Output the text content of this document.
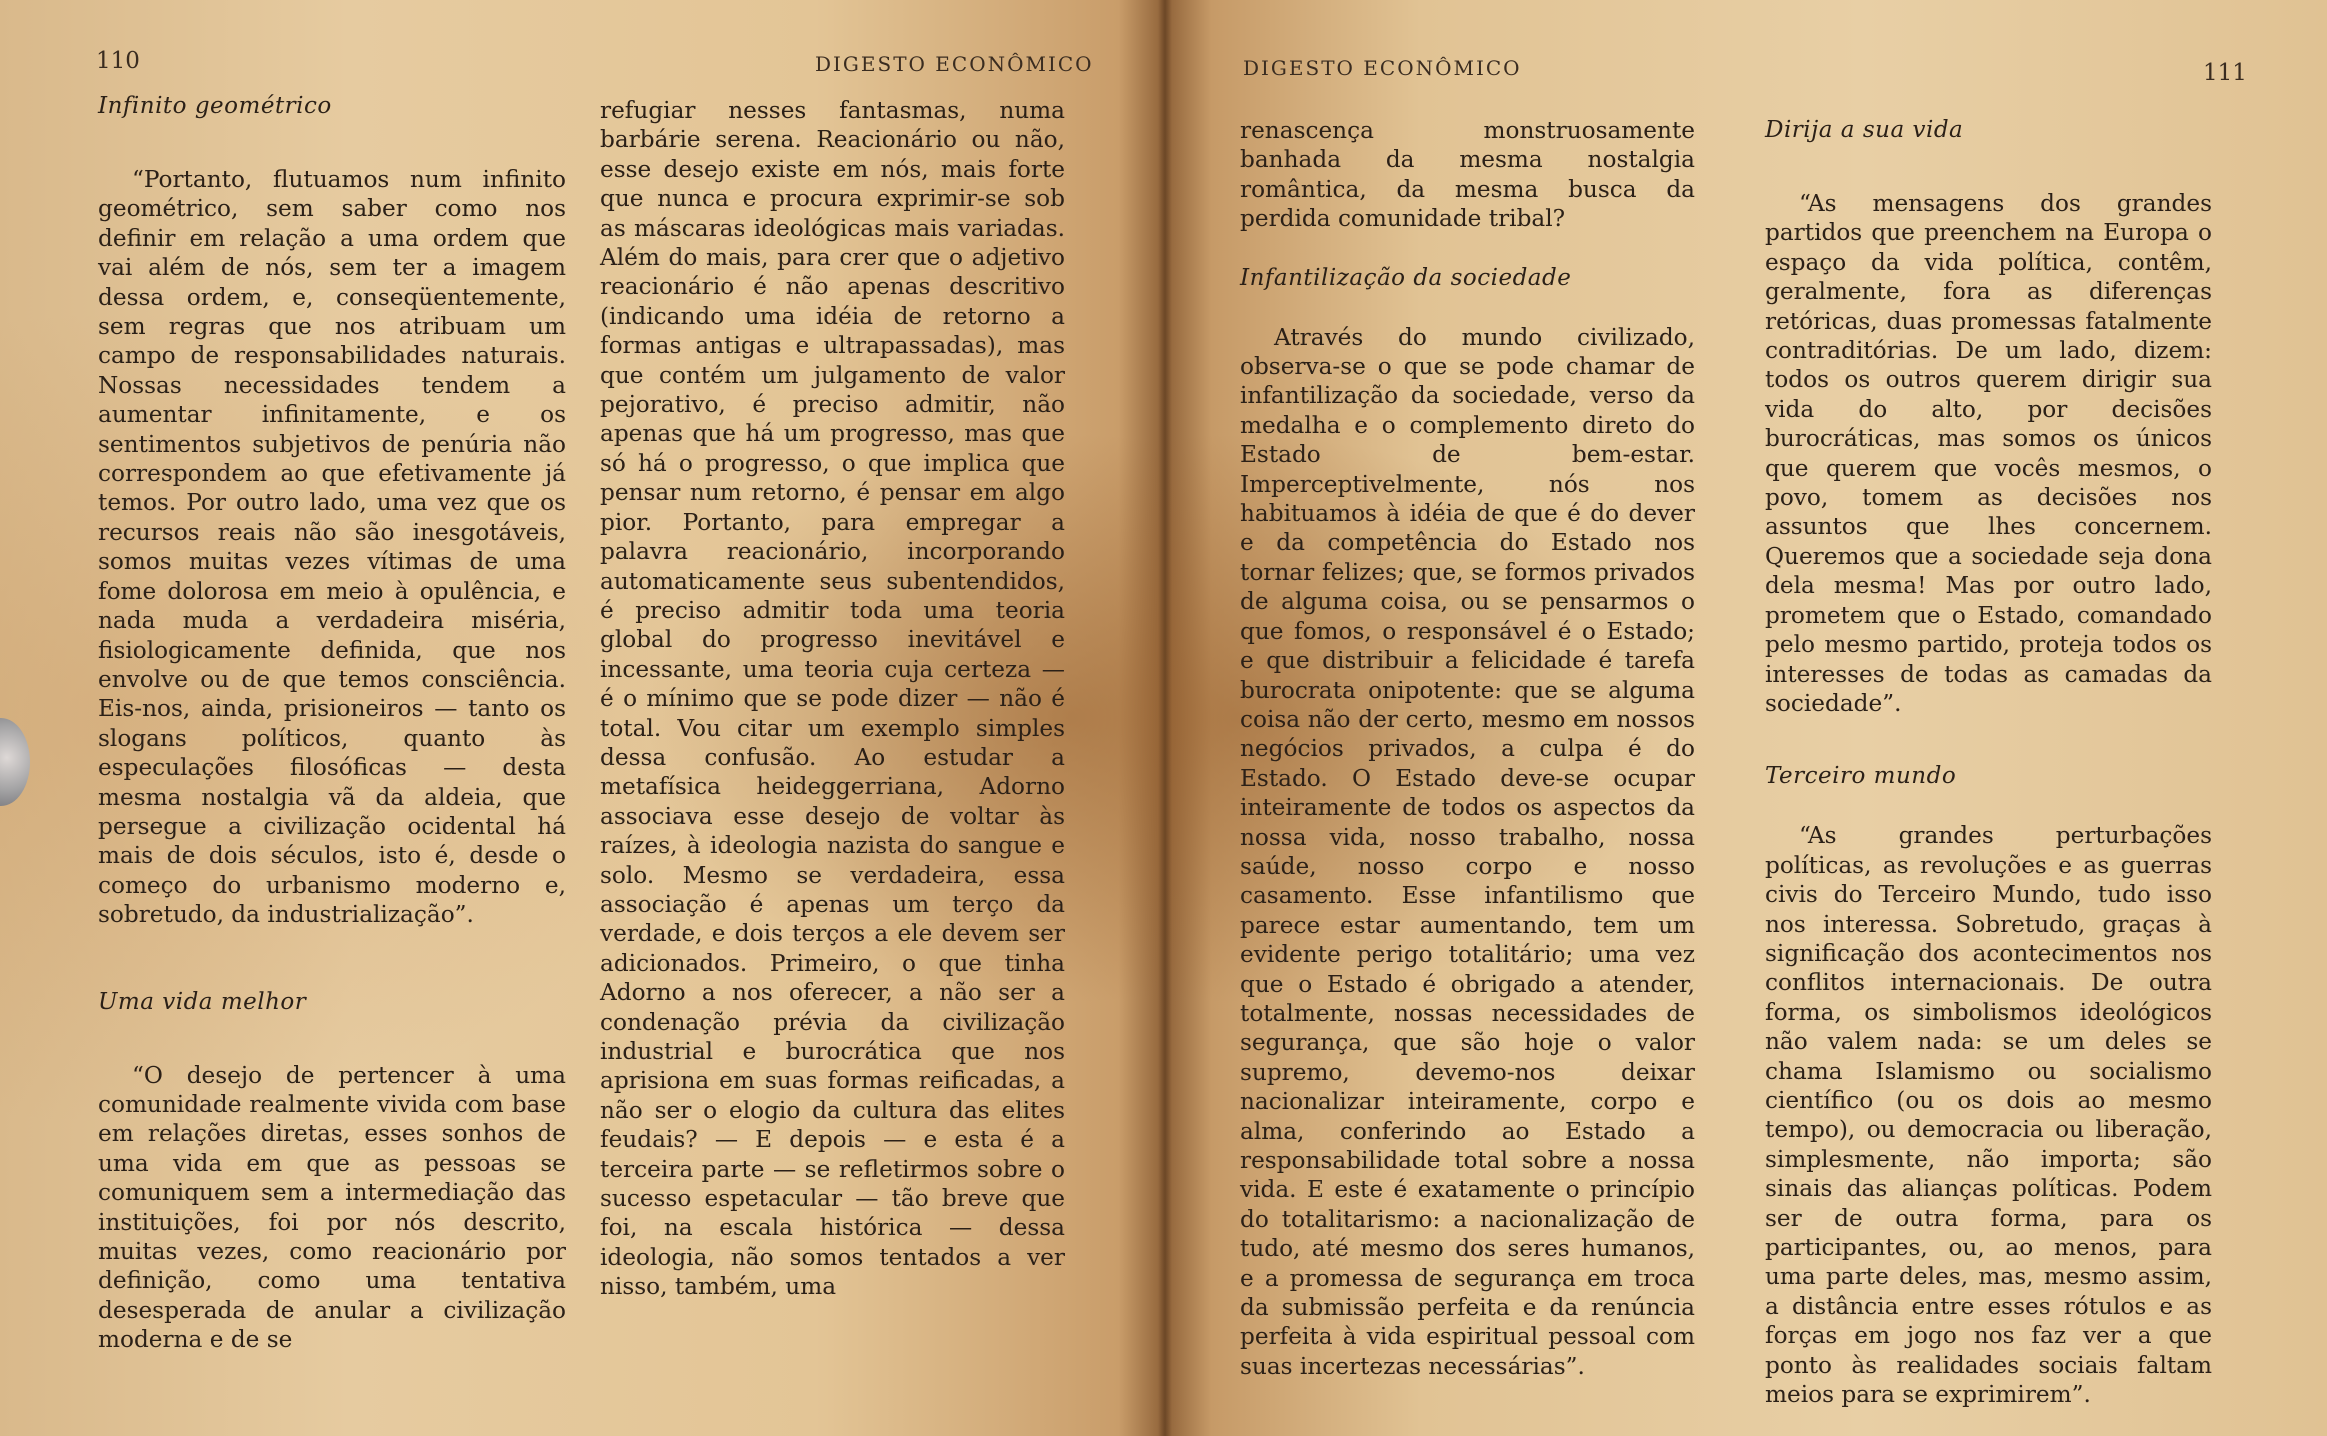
110	DIGESTO ECONÔMICO
Infinito geométrico

“Portanto, flutuamos num infinito geométrico, sem saber como nos definir em relação a uma ordem que vai além de nós, sem ter a imagem dessa ordem, e, conseqüentemente, sem regras que nos atribuam um campo de responsabilidades naturais. Nossas necessidades tendem a aumentar infinitamente, e os sentimentos subjetivos de penúria não correspondem ao que efetivamente já temos. Por outro lado, uma vez que os recursos reais não são inesgotáveis, somos muitas vezes vítimas de uma fome dolorosa em meio à opulência, e nada muda a verdadeira miséria, fisiologicamente definida, que nos envolve ou de que temos consciência. Eis-nos, ainda, prisioneiros — tanto os slogans políticos, quanto às especulações filosóficas — desta mesma nostalgia vã da aldeia, que persegue a civilização ocidental há mais de dois séculos, isto é, desde o começo do urbanismo moderno e, sobretudo, da industrialização”.

Uma vida melhor

“O desejo de pertencer à uma comunidade realmente vivida com base em relações diretas, esses sonhos de uma vida em que as pessoas se comuniquem sem a intermediação das instituições, foi por nós descrito, muitas vezes, como reacionário por definição, como uma tentativa desesperada de anular a civilização moderna e de se

refugiar nesses fantasmas, numa barbárie serena. Reacionário ou não, esse desejo existe em nós, mais forte que nunca e procura exprimir-se sob as máscaras ideológicas mais variadas. Além do mais, para crer que o adjetivo reacionário é não apenas descritivo (indicando uma idéia de retorno a formas antigas e ultrapassadas), mas que contém um julgamento de valor pejorativo, é preciso admitir, não apenas que há um progresso, mas que só há o progresso, o que implica que pensar num retorno, é pensar em algo pior. Portanto, para empregar a palavra reacionário, incorporando automaticamente seus subentendidos, é preciso admitir toda uma teoria global do progresso inevitável e incessante, uma teoria cuja certeza — é o mínimo que se pode dizer — não é total. Vou citar um exemplo simples dessa confusão. Ao estudar a metafísica heideggerriana, Adorno associava esse desejo de voltar às raízes, à ideologia nazista do sangue e solo. Mesmo se verdadeira, essa associação é apenas um terço da verdade, e dois terços a ele devem ser adicionados. Primeiro, o que tinha Adorno a nos oferecer, a não ser a condenação prévia da civilização industrial e burocrática que nos aprisiona em suas formas reificadas, a não ser o elogio da cultura das elites feudais? — E depois — e esta é a terceira parte — se refletirmos sobre o sucesso espetacular — tão breve que foi, na escala histórica — dessa ideologia, não somos tentados a ver nisso, também, uma

DIGESTO ECONÔMICO	111

renascença monstruosamente banhada da mesma nostalgia romântica, da mesma busca da perdida comunidade tribal?

Infantilização da sociedade

Através do mundo civilizado, observa-se o que se pode chamar de infantilização da sociedade, verso da medalha e o complemento direto do Estado de bem-estar. Imperceptivelmente, nós nos habituamos à idéia de que é do dever e da competência do Estado nos tornar felizes; que, se formos privados de alguma coisa, ou se pensarmos o que fomos, o responsável é o Estado; e que distribuir a felicidade é tarefa burocrata onipotente: que se alguma coisa não der certo, mesmo em nossos negócios privados, a culpa é do Estado. O Estado deve-se ocupar inteiramente de todos os aspectos da nossa vida, nosso trabalho, nossa saúde, nosso corpo e nosso casamento. Esse infantilismo que parece estar aumentando, tem um evidente perigo totalitário; uma vez que o Estado é obrigado a atender, totalmente, nossas necessidades de segurança, que são hoje o valor supremo, devemo-nos deixar nacionalizar inteiramente, corpo e alma, conferindo ao Estado a responsabilidade total sobre a nossa vida. E este é exatamente o princípio do totalitarismo: a nacionalização de tudo, até mesmo dos seres humanos, e a promessa de segurança em troca da submissão perfeita e da renúncia perfeita à vida espiritual pessoal com suas incertezas necessárias”.

Dirija a sua vida

“As mensagens dos grandes partidos que preenchem na Europa o espaço da vida política, contêm, geralmente, fora as diferenças retóricas, duas promessas fatalmente contraditórias. De um lado, dizem: todos os outros querem dirigir sua vida do alto, por decisões burocráticas, mas somos os únicos que querem que vocês mesmos, o povo, tomem as decisões nos assuntos que lhes concernem. Queremos que a sociedade seja dona dela mesma! Mas por outro lado, prometem que o Estado, comandado pelo mesmo partido, proteja todos os interesses de todas as camadas da sociedade”.

Terceiro mundo

“As grandes perturbações políticas, as revoluções e as guerras civis do Terceiro Mundo, tudo isso nos interessa. Sobretudo, graças à significação dos acontecimentos nos conflitos internacionais. De outra forma, os simbolismos ideológicos não valem nada: se um deles se chama Islamismo ou socialismo científico (ou os dois ao mesmo tempo), ou democracia ou liberação, simplesmente, não importa; são sinais das alianças políticas. Podem ser de outra forma, para os participantes, ou, ao menos, para uma parte deles, mas, mesmo assim, a distância entre esses rótulos e as forças em jogo nos faz ver a que ponto às realidades sociais faltam meios para se exprimirem”.
